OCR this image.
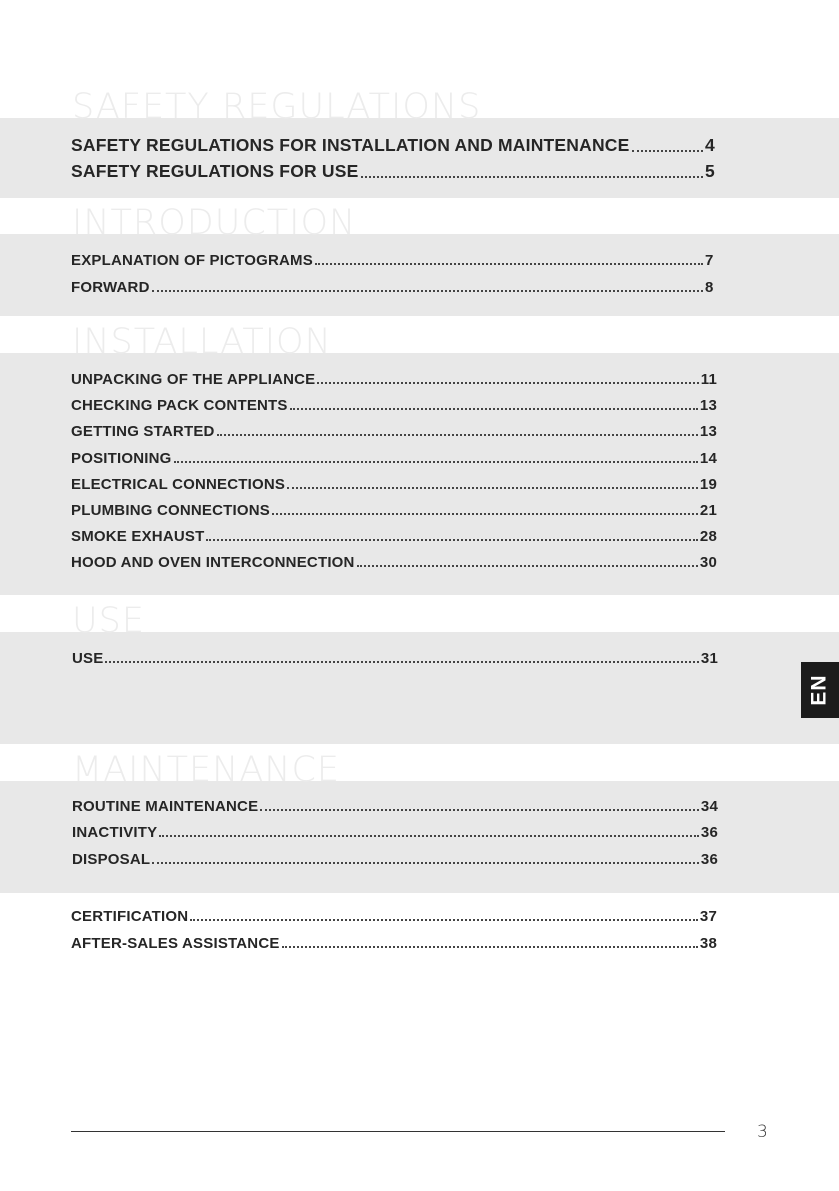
SAFETY REGULATIONS
SAFETY REGULATIONS FOR INSTALLATION AND MAINTENANCE	4
SAFETY REGULATIONS FOR USE	5
INTRODUCTION
EXPLANATION OF PICTOGRAMS	7
FORWARD	8
INSTALLATION
UNPACKING OF THE APPLIANCE	11
CHECKING PACK CONTENTS	13
GETTING STARTED	13
POSITIONING	14
ELECTRICAL CONNECTIONS	19
PLUMBING CONNECTIONS	21
SMOKE EXHAUST	28
HOOD AND OVEN INTERCONNECTION	30
USE
USE	31
MAINTENANCE
ROUTINE MAINTENANCE	34
INACTIVITY	36
DISPOSAL	36
CERTIFICATION	37
AFTER-SALES ASSISTANCE	38
EN
3
